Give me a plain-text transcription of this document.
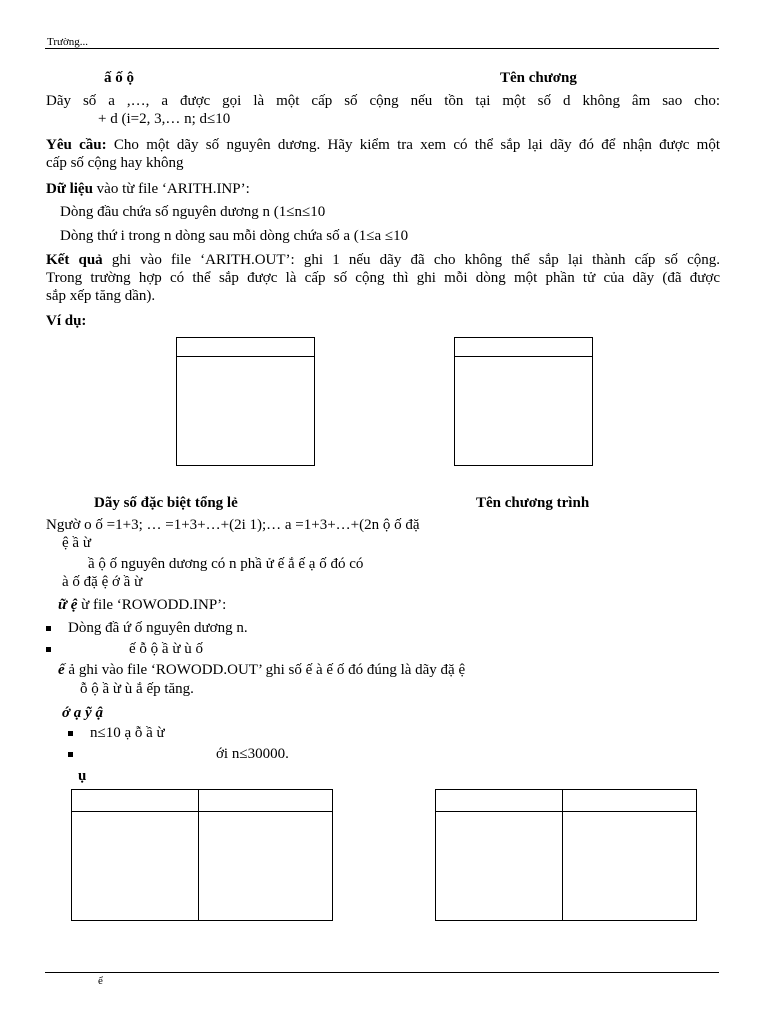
Trường...
ấ ố ộ	Tên chương
Dãy số a ,…, a được gọi là một cấp số cộng nếu tồn tại một số d không âm sao cho:
+ d (i=2, 3,… n; d≤10
Yêu cầu: Cho một dãy số nguyên dương. Hãy kiểm tra xem có thể sắp lại dãy đó để nhận được một
cấp số cộng hay không
Dữ liệu vào từ file ‘ARITH.INP’:
Dòng đầu chứa số nguyên dương n (1≤n≤10
Dòng thứ i trong n dòng sau mỗi dòng chứa số a (1≤a ≤10
Kết quả ghi vào file ‘ARITH.OUT’: ghi 1 nếu dãy đã cho không thể sắp lại thành cấp số cộng.
Trong trường hợp có thể sắp được là cấp số cộng thì ghi mỗi dòng một phần tử của dãy (đã được
sắp xếp tăng dần).
Ví dụ:
Dãy số đặc biệt tổng lẻ	Tên chương trình
Ngườ o ố =1+3; … =1+3+…+(2i 1);… a =1+3+…+(2n ộ ố đặ
ệ ầ ừ
ầ ộ ố nguyên dương có n phầ ử ế ắ ế ạ ố đó có
à ố đặ ệ ớ ầ ừ
ữ ệ ừ file ‘ROWODD.INP’:
Dòng đầ ứ ố nguyên dương n.
ế ỗ ộ ầ ừ ù ố
ế ả ghi vào file ‘ROWODD.OUT’ ghi số ế à ế ố đó đúng là dãy đặ ệ
ỗ ộ ầ ừ ù ắ ếp tăng.
ớ ạ ỹ ậ
n≤10 ạ ỗ ầ ừ
ới n≤30000.
ụ
ể
